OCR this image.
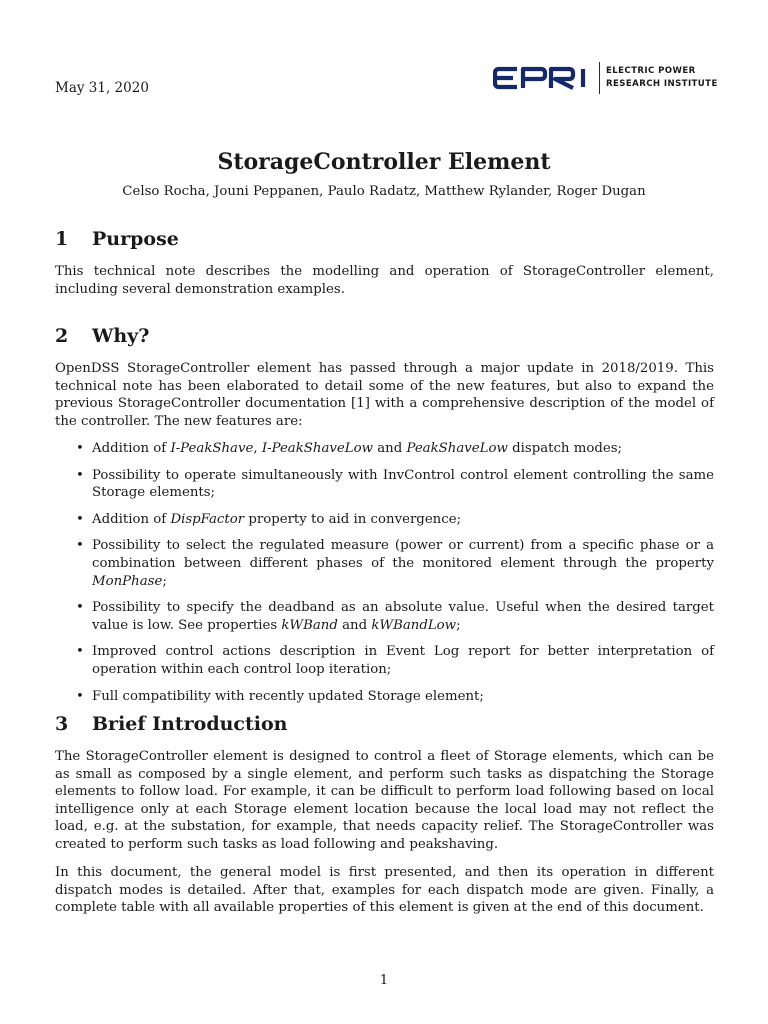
May 31, 2020
ELECTRIC POWER
RESEARCH INSTITUTE
StorageController Element
Celso Rocha, Jouni Peppanen, Paulo Radatz, Matthew Rylander, Roger Dugan
1 Purpose

This technical note describes the modelling and operation of StorageController element, including several demonstration examples.

2 Why?

OpenDSS StorageController element has passed through a major update in 2018/2019. This technical note has been elaborated to detail some of the new features, but also to expand the previous StorageController documentation [1] with a comprehensive description of the model of the controller. The new features are:

• Addition of I-PeakShave, I-PeakShaveLow and PeakShaveLow dispatch modes;
• Possibility to operate simultaneously with InvControl control element controlling the same Storage elements;
• Addition of DispFactor property to aid in convergence;
• Possibility to select the regulated measure (power or current) from a specific phase or a combination between different phases of the monitored element through the property MonPhase;
• Possibility to specify the deadband as an absolute value. Useful when the desired target value is low. See properties kWBand and kWBandLow;
• Improved control actions description in Event Log report for better interpretation of operation within each control loop iteration;
• Full compatibility with recently updated Storage element;
3 Brief Introduction

The StorageController element is designed to control a fleet of Storage elements, which can be as small as composed by a single element, and perform such tasks as dispatching the Storage elements to follow load. For example, it can be difficult to perform load following based on local intelligence only at each Storage element location because the local load may not reflect the load, e.g. at the substation, for example, that needs capacity relief. The StorageController was created to perform such tasks as load following and peakshaving.

In this document, the general model is first presented, and then its operation in different dispatch modes is detailed. After that, examples for each dispatch mode are given. Finally, a complete table with all available properties of this element is given at the end of this document.

1
